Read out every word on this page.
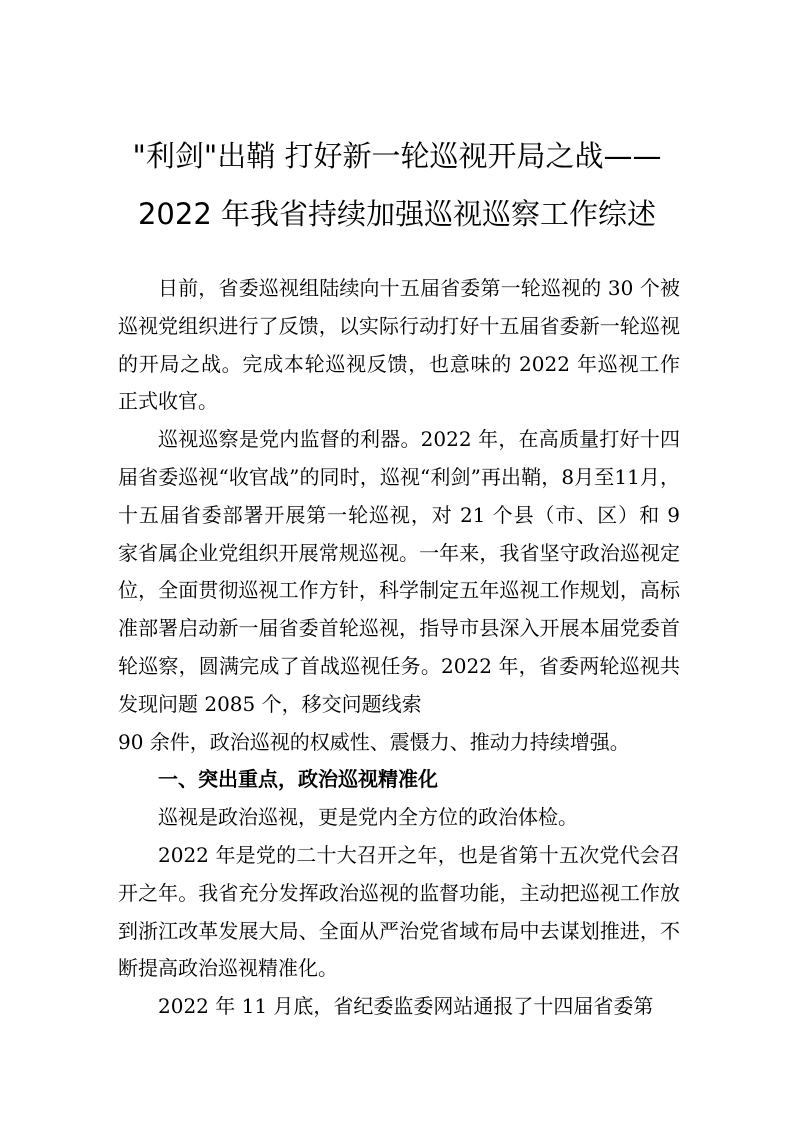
"利剑"出鞘 打好新一轮巡视开局之战——
2022 年我省持续加强巡视巡察工作综述

日前，省委巡视组陆续向十五届省委第一轮巡视的 30 个被巡视党组织进行了反馈，以实际行动打好十五届省委新一轮巡视的开局之战。完成本轮巡视反馈，也意味的 2022 年巡视工作正式收官。

巡视巡察是党内监督的利器。2022 年，在高质量打好十四届省委巡视“收官战”的同时，巡视“利剑”再出鞘，8月至11月，十五届省委部署开展第一轮巡视，对 21 个县（市、区）和 9 家省属企业党组织开展常规巡视。一年来，我省坚守政治巡视定位，全面贯彻巡视工作方针，科学制定五年巡视工作规划，高标准部署启动新一届省委首轮巡视，指导市县深入开展本届党委首轮巡察，圆满完成了首战巡视任务。2022 年，省委两轮巡视共发现问题 2085 个，移交问题线索

90 余件，政治巡视的权威性、震慑力、推动力持续增强。

一、突出重点，政治巡视精准化

巡视是政治巡视，更是党内全方位的政治体检。

2022 年是党的二十大召开之年，也是省第十五次党代会召开之年。我省充分发挥政治巡视的监督功能，主动把巡视工作放到浙江改革发展大局、全面从严治党省域布局中去谋划推进，不断提高政治巡视精准化。

2022 年 11 月底，省纪委监委网站通报了十四届省委第
